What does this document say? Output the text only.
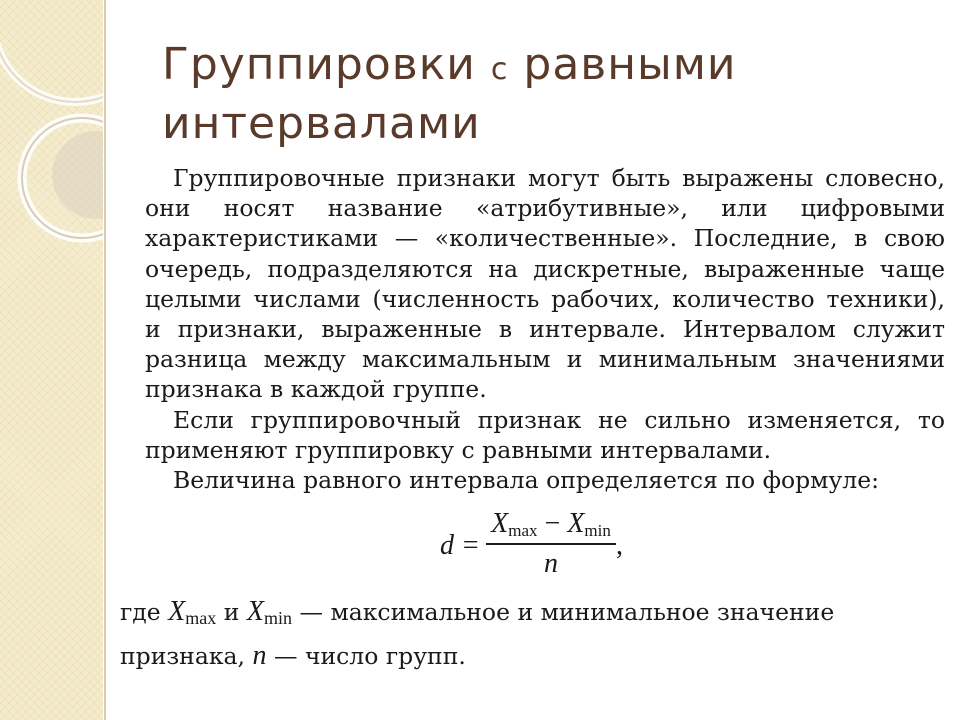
Группировки с равными
интервалами

Группировочные признаки могут быть выражены словесно, они носят название «атрибутивные», или цифровыми характеристиками — «количественные». Последние, в свою очередь, подразделяются на дискретные, выраженные чаще целыми числами (численность рабочих, количество техники), и признаки, выраженные в интервале. Интервалом служит разница между максимальным и минимальным значениями признака в каждой группе.

Если группировочный признак не сильно изменяется, то применяют группировку с равными интервалами.

Величина равного интервала определяется по формуле:

d =
$X_{max} - X_{min}$
n
,
где $X_{max}$ и $X_{min}$ — максимальное и минимальное значение признака, n — число групп.
